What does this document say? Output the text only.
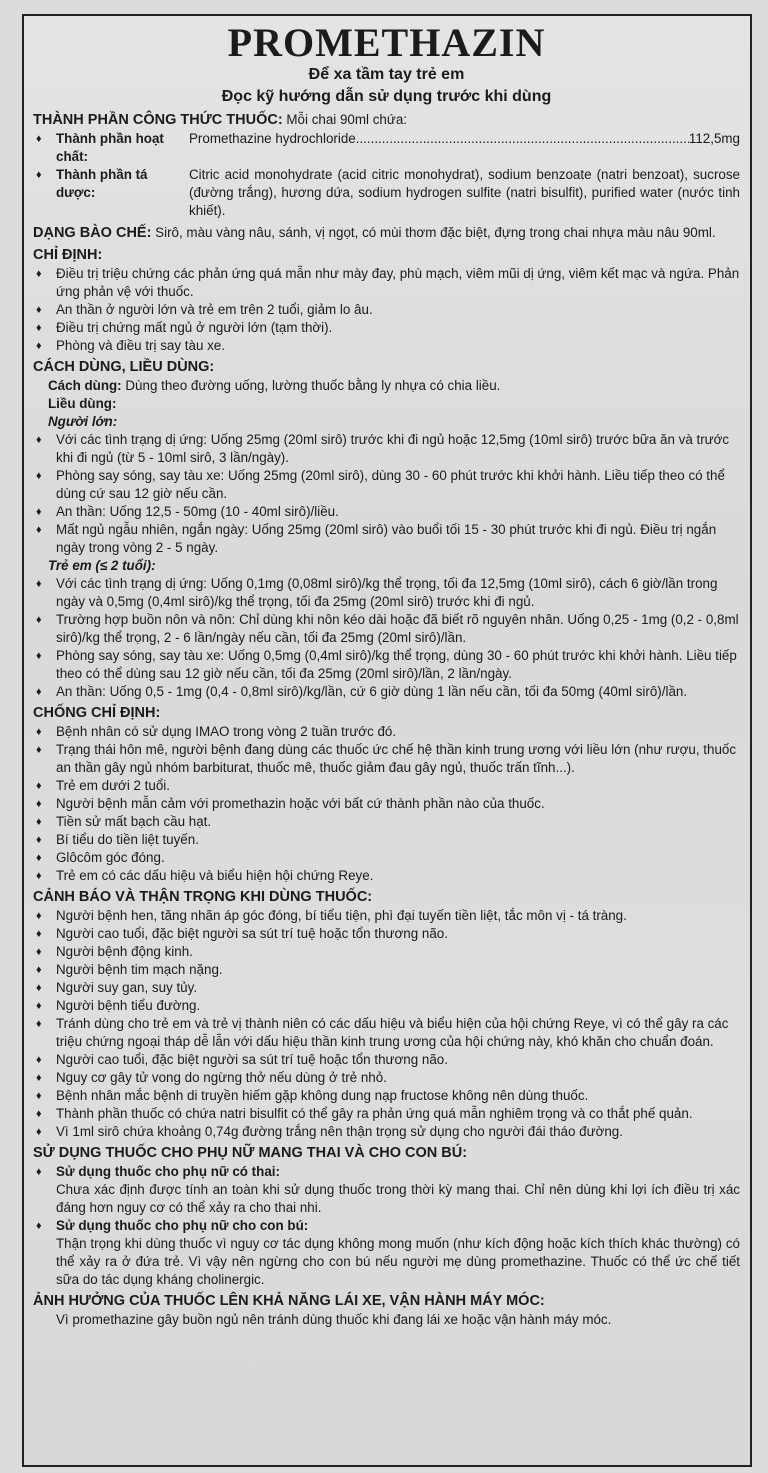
PROMETHAZIN
Để xa tầm tay trẻ em
Đọc kỹ hướng dẫn sử dụng trước khi dùng
THÀNH PHẦN CÔNG THỨC THUỐC: Mỗi chai 90ml chứa:
♦ Thành phần hoạt chất:
Promethazine hydrochloride
.....	112,5mg
♦ Thành phần tá dược:
Citric acid monohydrate (acid citric monohydrat), sodium benzoate (natri benzoat), sucrose (đường trắng), hương dứa, sodium hydrogen sulfite (natri bisulfit), purified water (nước tinh khiết).
DẠNG BÀO CHẾ: Sirô, màu vàng nâu, sánh, vị ngọt, có mùi thơm đặc biệt, đựng trong chai nhựa màu nâu 90ml.
CHỈ ĐỊNH:
♦ Điều trị triệu chứng các phản ứng quá mẫn như mày đay, phù mạch, viêm mũi dị ứng, viêm kết mạc và ngứa. Phản ứng phản vệ với thuốc.
♦ An thần ở người lớn và trẻ em trên 2 tuổi, giảm lo âu.
♦ Điều trị chứng mất ngủ ở người lớn (tạm thời).
♦ Phòng và điều trị say tàu xe.
CÁCH DÙNG, LIỀU DÙNG:
Cách dùng: Dùng theo đường uống, lường thuốc bằng ly nhựa có chia liều.
Liều dùng:
Người lớn:
♦ Với các tình trạng dị ứng: Uống 25mg (20ml sirô) trước khi đi ngủ hoặc 12,5mg (10ml sirô) trước bữa ăn và trước khi đi ngủ (từ 5 - 10ml sirô, 3 lần/ngày).
♦ Phòng say sóng, say tàu xe: Uống 25mg (20ml sirô), dùng 30 - 60 phút trước khi khởi hành. Liều tiếp theo có thể dùng cứ sau 12 giờ nếu cần.
♦ An thần: Uống 12,5 - 50mg (10 - 40ml sirô)/liều.
♦ Mất ngủ ngẫu nhiên, ngắn ngày: Uống 25mg (20ml sirô) vào buổi tối 15 - 30 phút trước khi đi ngủ. Điều trị ngắn ngày trong vòng 2 - 5 ngày.
Trẻ em (≤ 2 tuổi):
♦ Với các tình trạng dị ứng: Uống 0,1mg (0,08ml sirô)/kg thể trọng, tối đa 12,5mg (10ml sirô), cách 6 giờ/lần trong ngày và 0,5mg (0,4ml sirô)/kg thể trọng, tối đa 25mg (20ml sirô) trước khi đi ngủ.
♦ Trường hợp buồn nôn và nôn: Chỉ dùng khi nôn kéo dài hoặc đã biết rõ nguyên nhân. Uống 0,25 - 1mg (0,2 - 0,8ml sirô)/kg thể trọng, 2 - 6 lần/ngày nếu cần, tối đa 25mg (20ml sirô)/lần.
♦ Phòng say sóng, say tàu xe: Uống 0,5mg (0,4ml sirô)/kg thể trọng, dùng 30 - 60 phút trước khi khởi hành. Liều tiếp theo có thể dùng sau 12 giờ nếu cần, tối đa 25mg (20ml sirô)/lần, 2 lần/ngày.
♦ An thần: Uống 0,5 - 1mg (0,4 - 0,8ml sirô)/kg/lần, cứ 6 giờ dùng 1 lần nếu cần, tối đa 50mg (40ml sirô)/lần.
CHỐNG CHỈ ĐỊNH:
♦ Bệnh nhân có sử dụng IMAO trong vòng 2 tuần trước đó.
♦ Trạng thái hôn mê, người bệnh đang dùng các thuốc ức chế hệ thần kinh trung ương với liều lớn (như rượu, thuốc an thần gây ngủ nhóm barbiturat, thuốc mê, thuốc giảm đau gây ngủ, thuốc trấn tĩnh...).
♦ Trẻ em dưới 2 tuổi.
♦ Người bệnh mẫn cảm với promethazin hoặc với bất cứ thành phần nào của thuốc.
♦ Tiền sử mất bạch cầu hạt.
♦ Bí tiểu do tiền liệt tuyến.
♦ Glôcôm góc đóng.
♦ Trẻ em có các dấu hiệu và biểu hiện hội chứng Reye.
CẢNH BÁO VÀ THẬN TRỌNG KHI DÙNG THUỐC:
♦ Người bệnh hen, tăng nhãn áp góc đóng, bí tiểu tiện, phì đại tuyến tiền liệt, tắc môn vị - tá tràng.
♦ Người cao tuổi, đặc biệt người sa sút trí tuệ hoặc tổn thương não.
♦ Người bệnh động kinh.
♦ Người bệnh tim mạch nặng.
♦ Người suy gan, suy tủy.
♦ Người bệnh tiểu đường.
♦ Tránh dùng cho trẻ em và trẻ vị thành niên có các dấu hiệu và biểu hiện của hội chứng Reye, vì có thể gây ra các triệu chứng ngoại tháp dễ lẫn với dấu hiệu thần kinh trung ương của hội chứng này, khó khăn cho chuẩn đoán.
♦ Người cao tuổi, đặc biệt người sa sút trí tuệ hoặc tổn thương não.
♦ Nguy cơ gây tử vong do ngừng thở nếu dùng ở trẻ nhỏ.
♦ Bệnh nhân mắc bệnh di truyền hiếm gặp không dung nạp fructose không nên dùng thuốc.
♦ Thành phần thuốc có chứa natri bisulfit có thể gây ra phản ứng quá mẫn nghiêm trọng và co thắt phế quản.
♦ Vì 1ml sirô chứa khoảng 0,74g đường trắng nên thận trọng sử dụng cho người đái tháo đường.
SỬ DỤNG THUỐC CHO PHỤ NỮ MANG THAI VÀ CHO CON BÚ:
♦ Sử dụng thuốc cho phụ nữ có thai:
Chưa xác định được tính an toàn khi sử dụng thuốc trong thời kỳ mang thai. Chỉ nên dùng khi lợi ích điều trị xác đáng hơn nguy cơ có thể xảy ra cho thai nhi.
♦ Sử dụng thuốc cho phụ nữ cho con bú:
Thận trọng khi dùng thuốc vì nguy cơ tác dụng không mong muốn (như kích động hoặc kích thích khác thường) có thể xảy ra ở đứa trẻ. Vì vậy nên ngừng cho con bú nếu người mẹ dùng promethazine. Thuốc có thể ức chế tiết sữa do tác dụng kháng cholinergic.
ẢNH HƯỞNG CỦA THUỐC LÊN KHẢ NĂNG LÁI XE, VẬN HÀNH MÁY MÓC:
Vì promethazine gây buồn ngủ nên tránh dùng thuốc khi đang lái xe hoặc vận hành máy móc.
